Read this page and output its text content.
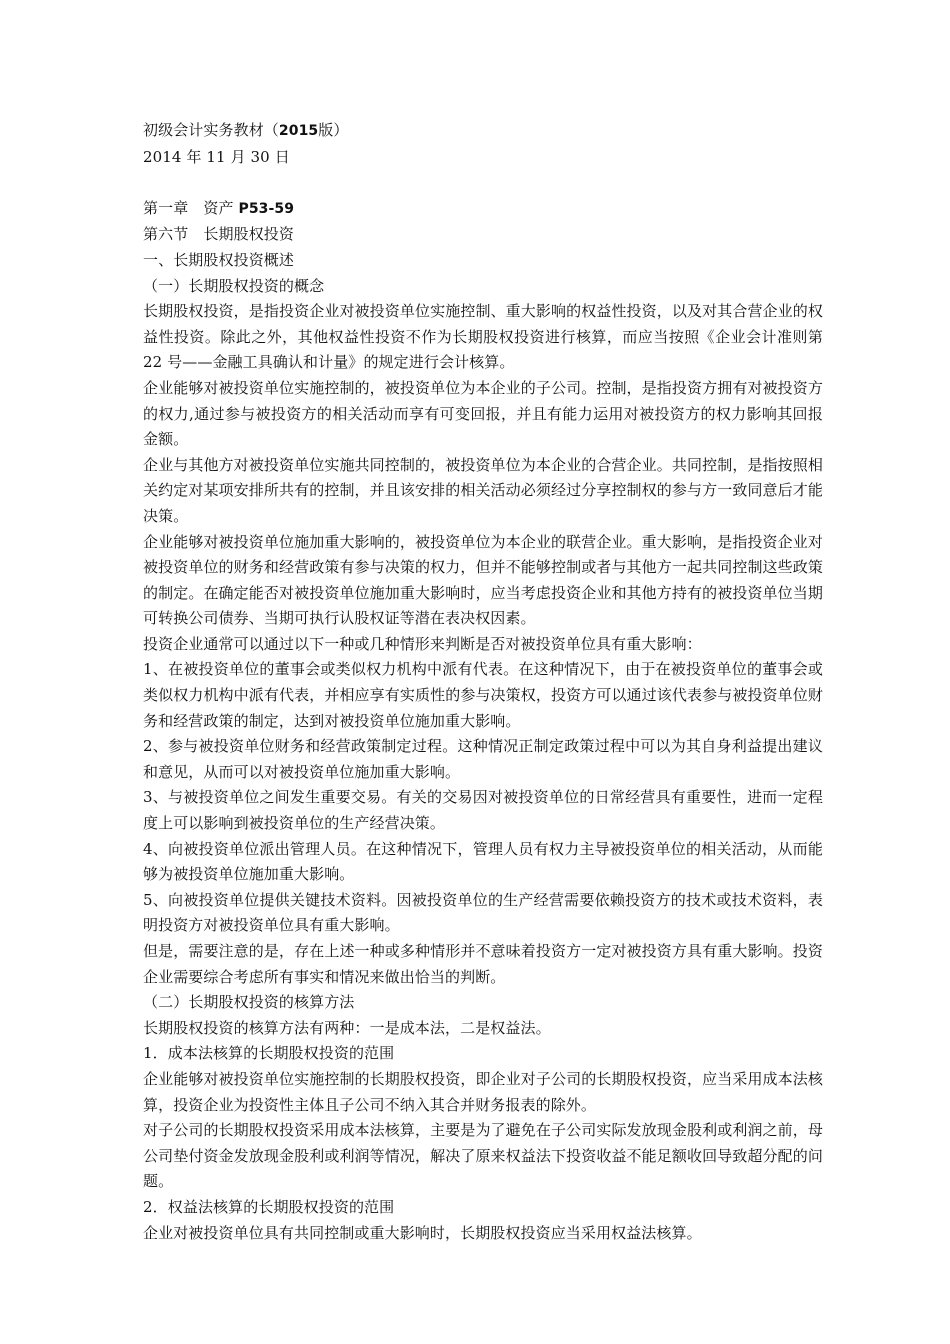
初级会计实务教材（2015版）

2014 年 11 月 30 日

第一章　资产 P53-59

第六节　长期股权投资

一、长期股权投资概述

（一）长期股权投资的概念

长期股权投资，是指投资企业对被投资单位实施控制、重大影响的权益性投资，以及对其合营企业的权益性投资。除此之外，其他权益性投资不作为长期股权投资进行核算，而应当按照《企业会计准则第 22 号——金融工具确认和计量》的规定进行会计核算。

企业能够对被投资单位实施控制的，被投资单位为本企业的子公司。控制，是指投资方拥有对被投资方的权力,通过参与被投资方的相关活动而享有可变回报，并且有能力运用对被投资方的权力影响其回报金额。

企业与其他方对被投资单位实施共同控制的，被投资单位为本企业的合营企业。共同控制，是指按照相关约定对某项安排所共有的控制，并且该安排的相关活动必须经过分享控制权的参与方一致同意后才能决策。

企业能够对被投资单位施加重大影响的，被投资单位为本企业的联营企业。重大影响，是指投资企业对被投资单位的财务和经营政策有参与决策的权力，但并不能够控制或者与其他方一起共同控制这些政策的制定。在确定能否对被投资单位施加重大影响时，应当考虑投资企业和其他方持有的被投资单位当期可转换公司债券、当期可执行认股权证等潜在表决权因素。

投资企业通常可以通过以下一种或几种情形来判断是否对被投资单位具有重大影响：

1、在被投资单位的董事会或类似权力机构中派有代表。在这种情况下，由于在被投资单位的董事会或类似权力机构中派有代表，并相应享有实质性的参与决策权，投资方可以通过该代表参与被投资单位财务和经营政策的制定，达到对被投资单位施加重大影响。

2、参与被投资单位财务和经营政策制定过程。这种情况正制定政策过程中可以为其自身利益提出建议和意见，从而可以对被投资单位施加重大影响。

3、与被投资单位之间发生重要交易。有关的交易因对被投资单位的日常经营具有重要性，进而一定程度上可以影响到被投资单位的生产经营决策。

4、向被投资单位派出管理人员。在这种情况下，管理人员有权力主导被投资单位的相关活动，从而能够为被投资单位施加重大影响。

5、向被投资单位提供关键技术资料。因被投资单位的生产经营需要依赖投资方的技术或技术资料，表明投资方对被投资单位具有重大影响。

但是，需要注意的是，存在上述一种或多种情形并不意味着投资方一定对被投资方具有重大影响。投资企业需要综合考虑所有事实和情况来做出恰当的判断。

（二）长期股权投资的核算方法

长期股权投资的核算方法有两种：一是成本法，二是权益法。

1．成本法核算的长期股权投资的范围

企业能够对被投资单位实施控制的长期股权投资，即企业对子公司的长期股权投资，应当采用成本法核算，投资企业为投资性主体且子公司不纳入其合并财务报表的除外。

对子公司的长期股权投资采用成本法核算，主要是为了避免在子公司实际发放现金股利或利润之前，母公司垫付资金发放现金股利或利润等情况，解决了原来权益法下投资收益不能足额收回导致超分配的问题。

2．权益法核算的长期股权投资的范围

企业对被投资单位具有共同控制或重大影响时，长期股权投资应当采用权益法核算。
